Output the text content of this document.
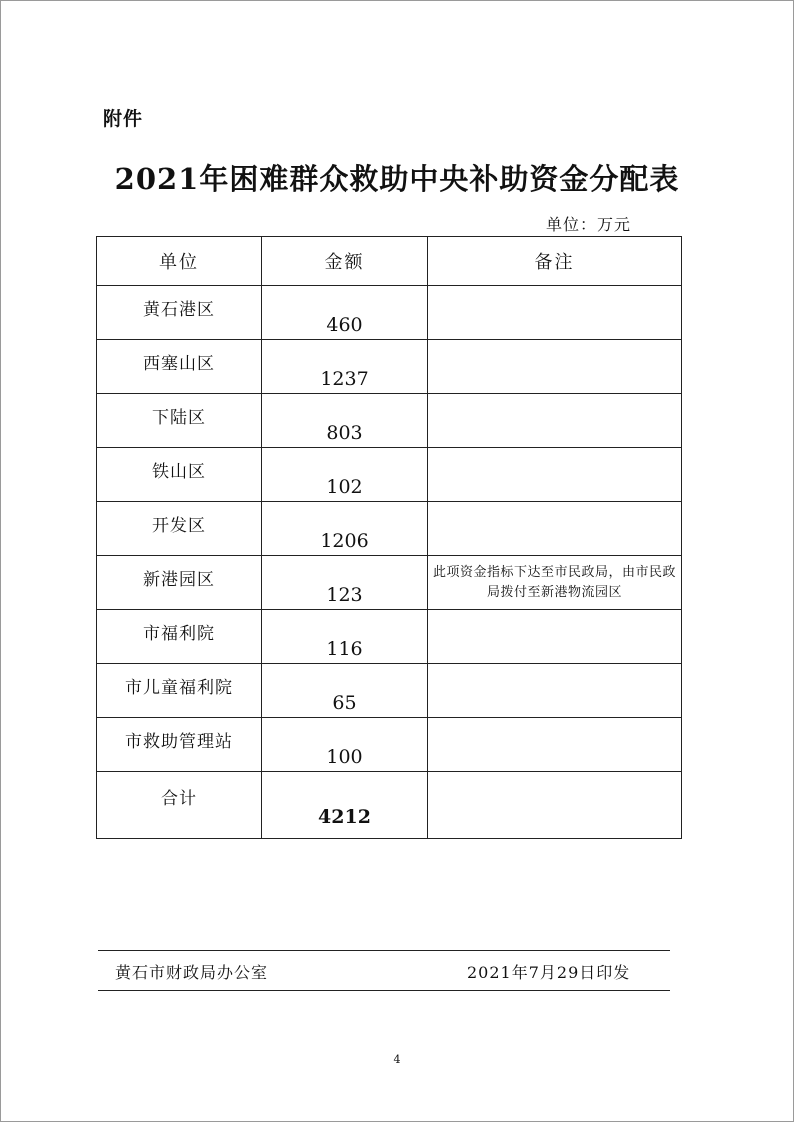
附件
2021年困难群众救助中央补助资金分配表
单位：万元
单位	金额	备注
黄石港区	460	
西塞山区	1237	
下陆区	803	
铁山区	102	
开发区	1206	
新港园区	123	此项资金指标下达至市民政局，由市民政局拨付至新港物流园区
市福利院	116	
市儿童福利院	65	
市救助管理站	100	
合计	4212	
黄石市财政局办公室	2021年7月29日印发
4
